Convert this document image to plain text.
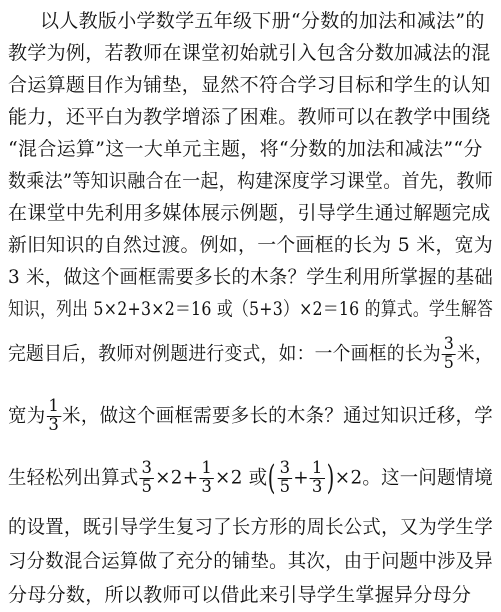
以人教版小学数学五年级下册“分数的加法和减法”的
教学为例，若教师在课堂初始就引入包含分数加减法的混
合运算题目作为铺垫，显然不符合学习目标和学生的认知
能力，还平白为教学增添了困难。教师可以在教学中围绕
“混合运算”这一大单元主题，将“分数的加法和减法”“分
数乘法”等知识融合在一起，构建深度学习课堂。首先，教师
在课堂中先利用多媒体展示例题，引导学生通过解题完成
新旧知识的自然过渡。例如，一个画框的长为 5 米，宽为
3 米，做这个画框需要多长的木条？学生利用所掌握的基础
知识，列出 5×2+3×2＝16 或（5+3）×2＝16 的算式。学生解答
完题目后，教师对例题进行变式，如：一个画框的长为 $\frac{3}{5}$ 米，
宽为 $\frac{1}{3}$ 米，做这个画框需要多长的木条？通过知识迁移，学
生轻松列出算式 $\frac{3}{5} \times 2+ \frac{1}{3} \times 2$ 或( $\frac{3}{5} + \frac{1}{3} )\times 2$。这一问题情境
的设置，既引导学生复习了长方形的周长公式，又为学生学
习分数混合运算做了充分的铺垫。其次，由于问题中涉及异
分母分数，所以教师可以借此来引导学生掌握异分母分
